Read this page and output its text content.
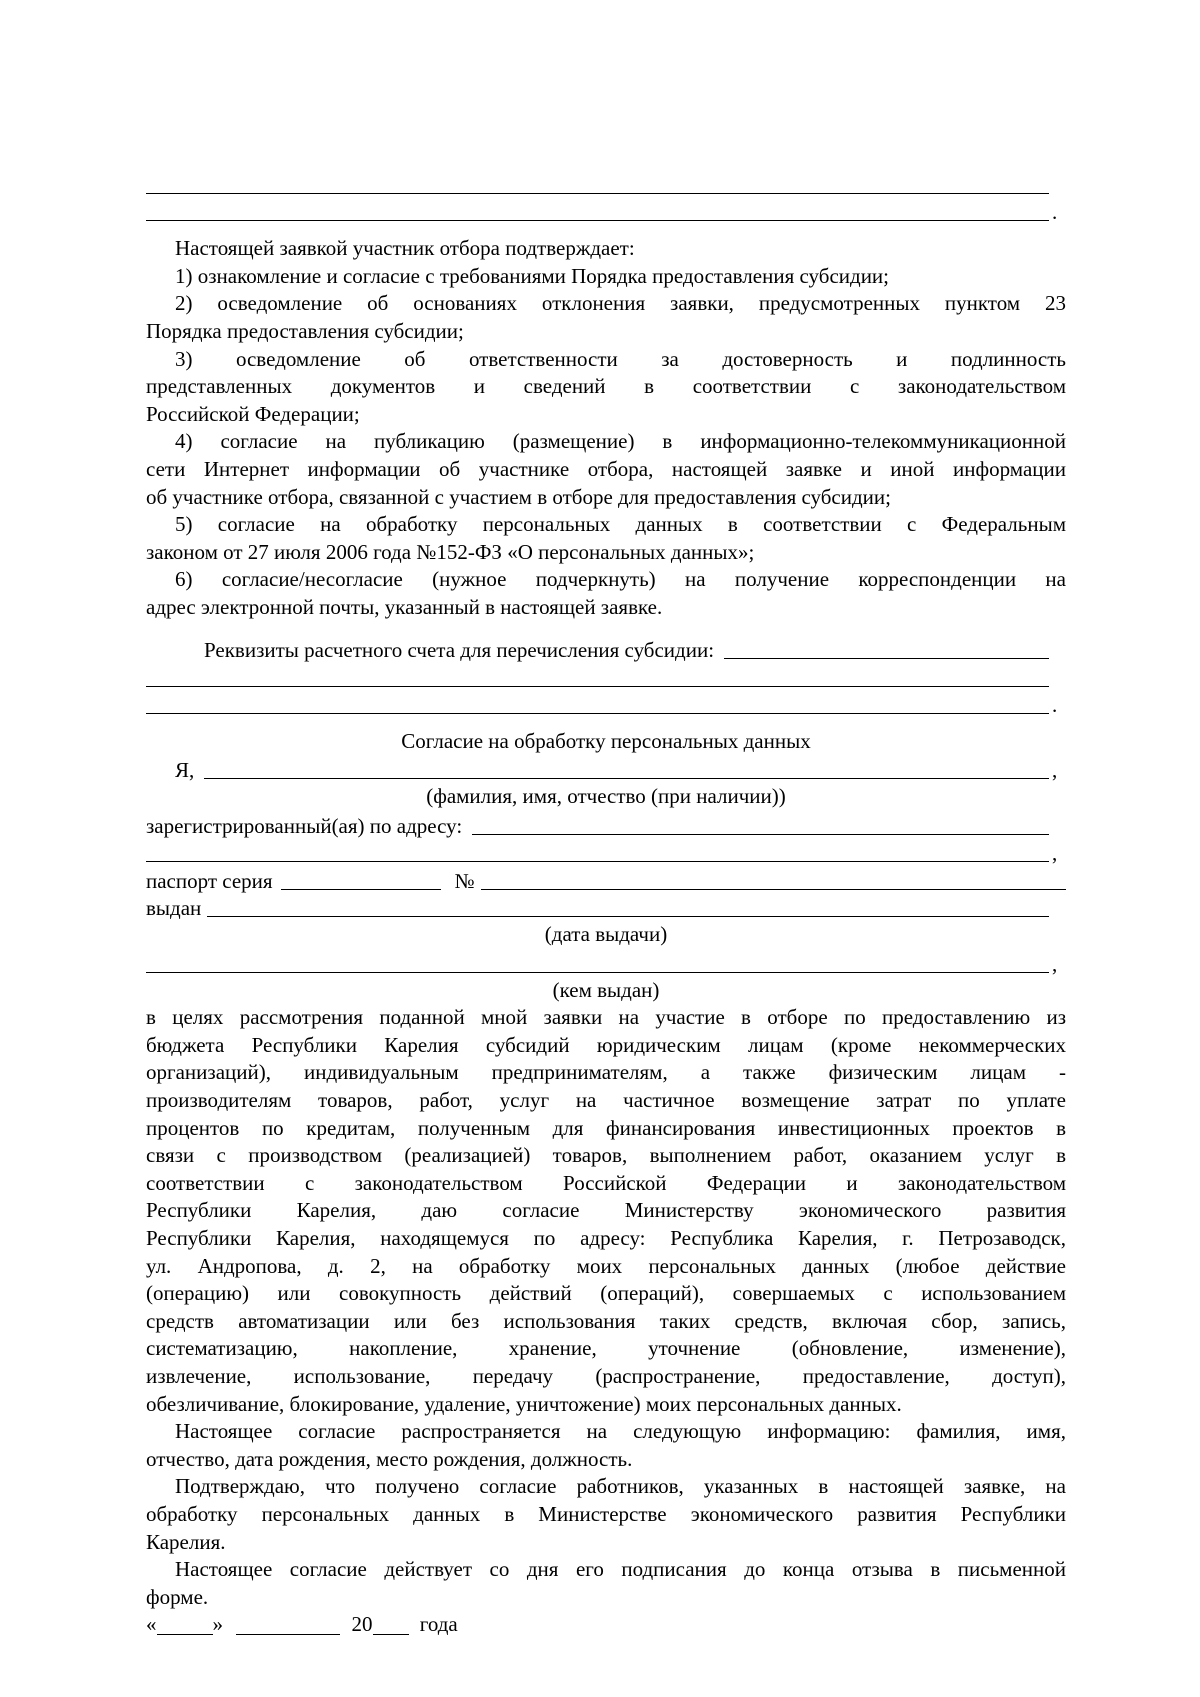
.
Настоящей заявкой участник отбора подтверждает:
1) ознакомление и согласие с требованиями Порядка предоставления субсидии;
2) осведомление об основаниях отклонения заявки, предусмотренных пунктом 23
Порядка предоставления субсидии;
3) осведомление об ответственности за достоверность и подлинность
представленных документов и сведений в соответствии с законодательством
Российской Федерации;
4) согласие на публикацию (размещение) в информационно-телекоммуникационной
сети Интернет информации об участнике отбора, настоящей заявке и иной информации
об участнике отбора, связанной с участием в отборе для предоставления субсидии;
5) согласие на обработку персональных данных в соответствии с Федеральным
законом от 27 июля 2006 года №152-ФЗ «О персональных данных»;
6) согласие/несогласие (нужное подчеркнуть) на получение корреспонденции на
адрес электронной почты, указанный в настоящей заявке.
Реквизиты расчетного счета для перечисления субсидии:
.
Согласие на обработку персональных данных
Я,	,
(фамилия, имя, отчество (при наличии))
зарегистрированный(ая) по адресу:
,
паспорт серия	№
выдан
(дата выдачи)
,
(кем выдан)
в целях рассмотрения поданной мной заявки на участие в отборе по предоставлению из
бюджета Республики Карелия субсидий юридическим лицам (кроме некоммерческих
организаций), индивидуальным предпринимателям, а также физическим лицам -
производителям товаров, работ, услуг на частичное возмещение затрат по уплате
процентов по кредитам, полученным для финансирования инвестиционных проектов в
связи с производством (реализацией) товаров, выполнением работ, оказанием услуг в
соответствии с законодательством Российской Федерации и законодательством
Республики Карелия, даю согласие Министерству экономического развития
Республики Карелия, находящемуся по адресу: Республика Карелия, г. Петрозаводск,
ул. Андропова, д. 2, на обработку моих персональных данных (любое действие
(операцию) или совокупность действий (операций), совершаемых с использованием
средств автоматизации или без использования таких средств, включая сбор, запись,
систематизацию, накопление, хранение, уточнение (обновление, изменение),
извлечение, использование, передачу (распространение, предоставление, доступ),
обезличивание, блокирование, удаление, уничтожение) моих персональных данных.
Настоящее согласие распространяется на следующую информацию: фамилия, имя,
отчество, дата рождения, место рождения, должность.
Подтверждаю, что получено согласие работников, указанных в настоящей заявке, на
обработку персональных данных в Министерстве экономического развития Республики
Карелия.
Настоящее согласие действует со дня его подписания до конца отзыва в письменной
форме.
«	»	20 года
